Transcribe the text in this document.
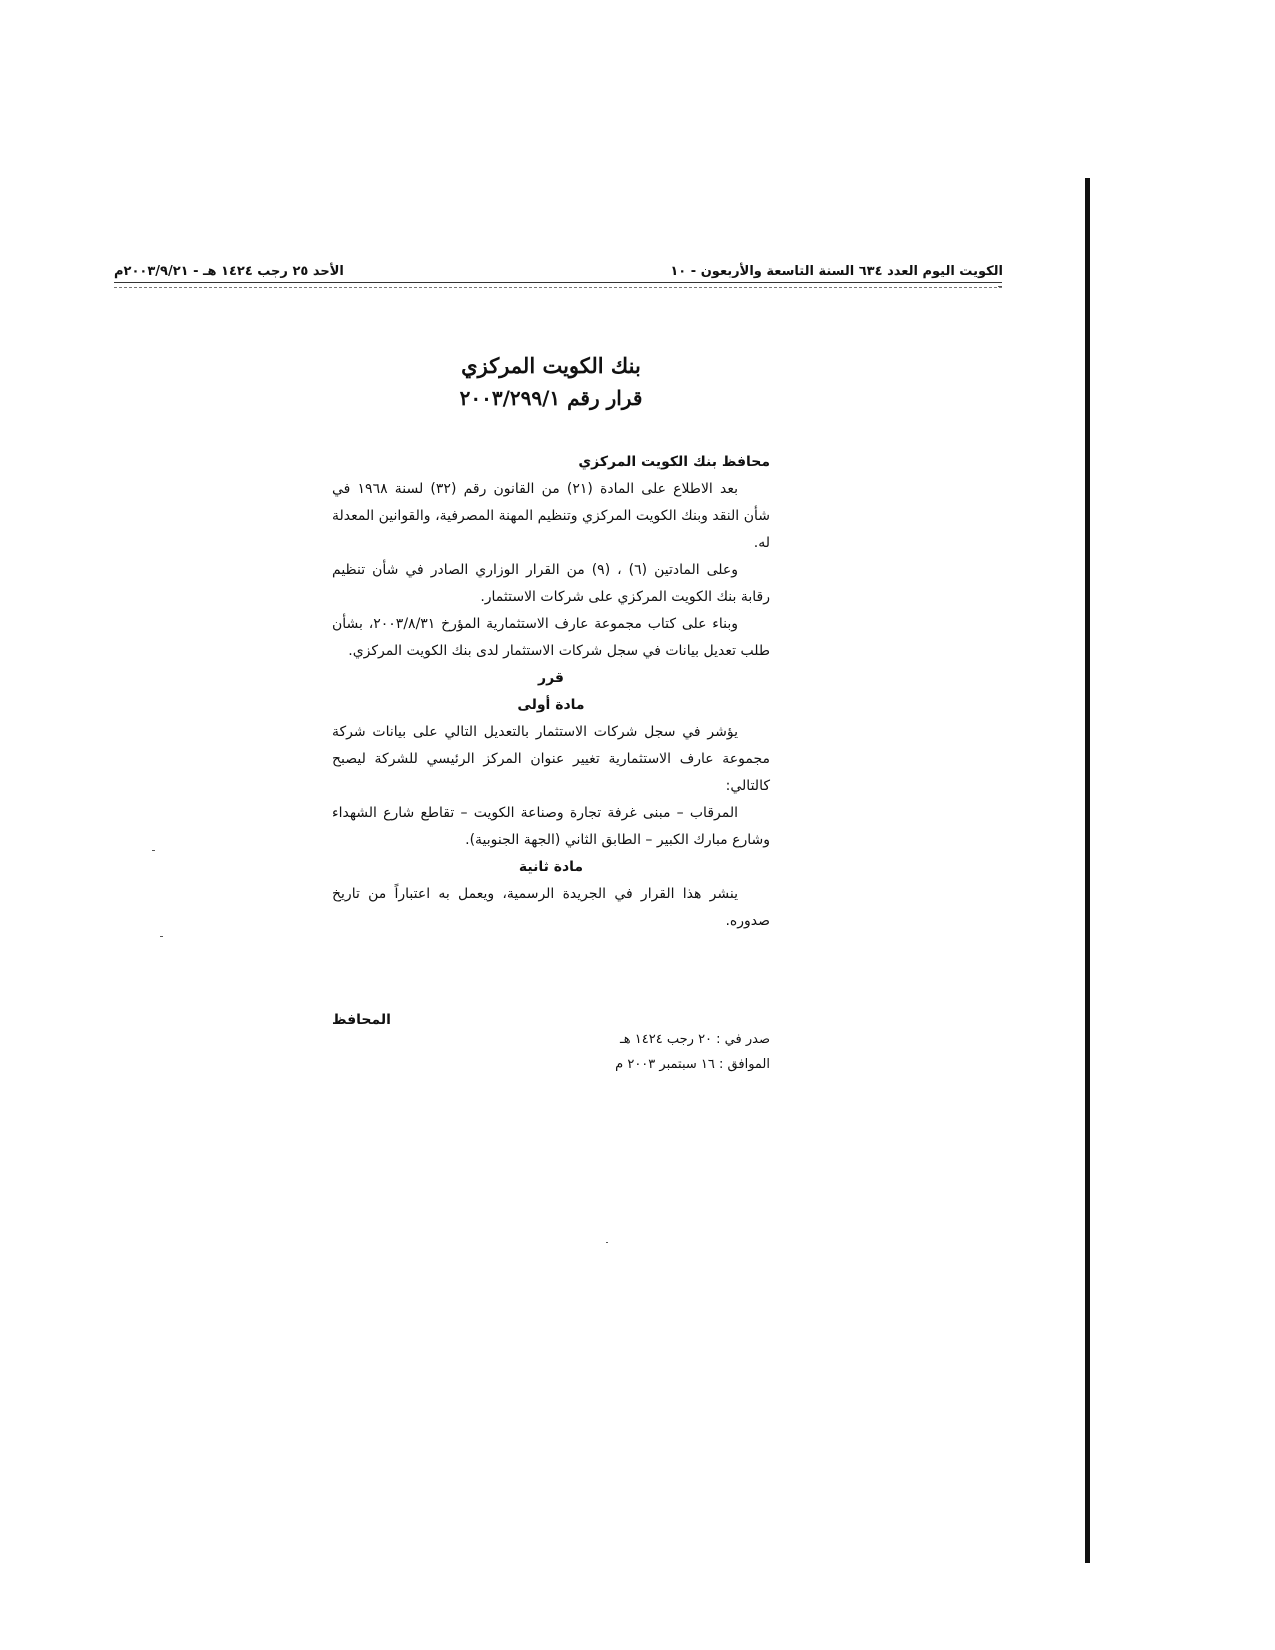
الكويت اليوم العدد ٦٣٤ السنة التاسعة والأربعون - ١٠
الأحد ٢٥ رجب ١٤٢٤ هـ - ٢٠٠٣/٩/٢١م
بنك الكويت المركزي
قرار رقم ٢٠٠٣/٢٩٩/١
محافظ بنك الكويت المركزي
بعد الاطلاع على المادة (٢١) من القانون رقم (٣٢) لسنة ١٩٦٨ في شأن النقد وبنك الكويت المركزي وتنظيم المهنة المصرفية، والقوانين المعدلة له.
وعلى المادتين (٦) ، (٩) من القرار الوزاري الصادر في شأن تنظيم رقابة بنك الكويت المركزي على شركات الاستثمار.
وبناء على كتاب مجموعة عارف الاستثمارية المؤرخ ٢٠٠٣/٨/٣١، بشأن طلب تعديل بيانات في سجل شركات الاستثمار لدى بنك الكويت المركزي.
قرر
مادة أولى
يؤشر في سجل شركات الاستثمار بالتعديل التالي على بيانات شركة مجموعة عارف الاستثمارية تغيير عنوان المركز الرئيسي للشركة ليصبح كالتالي:
المرقاب – مبنى غرفة تجارة وصناعة الكويت – تقاطع شارع الشهداء وشارع مبارك الكبير – الطابق الثاني (الجهة الجنوبية).
مادة ثانية
ينشر هذا القرار في الجريدة الرسمية، ويعمل به اعتباراً من تاريخ صدوره.
المحافظ
صدر في : ٢٠ رجب ١٤٢٤ هـ
الموافق : ١٦ سبتمبر ٢٠٠٣ م
